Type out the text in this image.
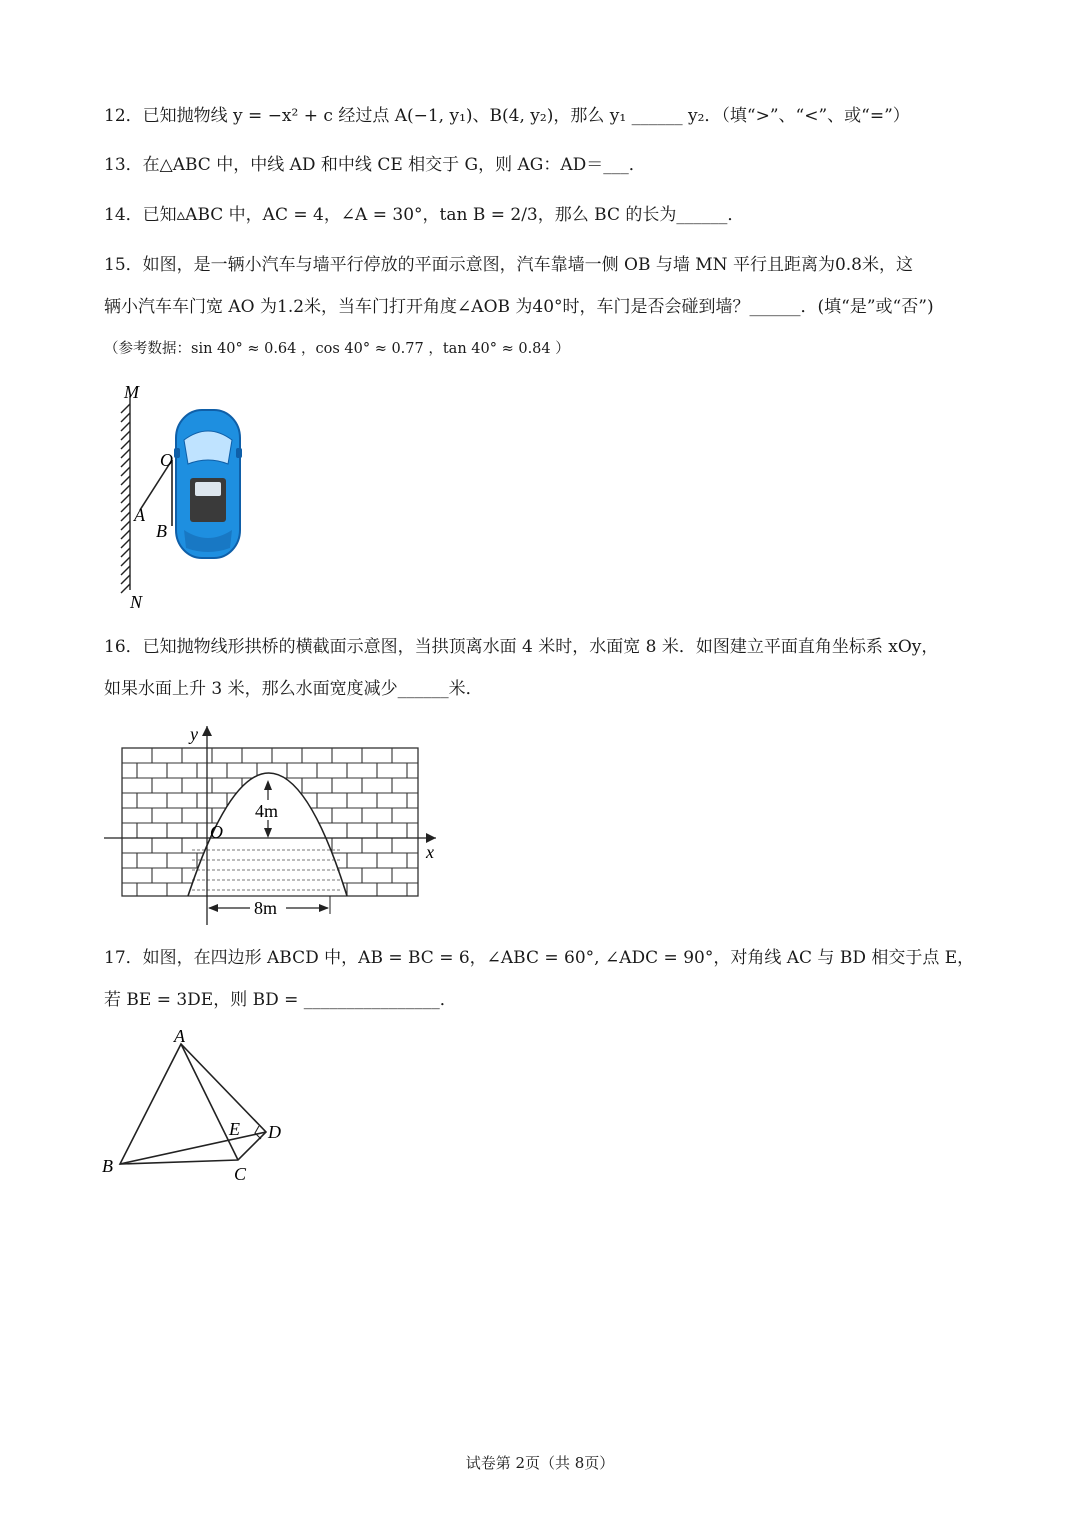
12．已知抛物线 y = −x² + c 经过点 A(−1, y₁)、B(4, y₂)，那么 y₁ ______ y₂．（填“>”、“<”、或“=”）
13．在△ABC 中，中线 AD 和中线 CE 相交于 G，则 AG：AD＝___．
14．已知▵ABC 中，AC = 4，∠A = 30°，tan B = 2/3，那么 BC 的长为______．
15．如图，是一辆小汽车与墙平行停放的平面示意图，汽车靠墙一侧 OB 与墙 MN 平行且距离为0.8米，这
辆小汽车车门宽 AO 为1.2米，当车门打开角度∠AOB 为40°时，车门是否会碰到墙？______．(填“是”或“否”)
（参考数据：sin 40° ≈ 0.64 ，cos 40° ≈ 0.77 ，tan 40° ≈ 0.84 ）
M
N
O
A
B
16．已知抛物线形拱桥的横截面示意图，当拱顶离水面 4 米时，水面宽 8 米．如图建立平面直角坐标系 xOy，
如果水面上升 3 米，那么水面宽度减少______米．
y
x
O
4m
8m
17．如图，在四边形 ABCD 中，AB = BC = 6，∠ABC = 60°, ∠ADC = 90°，对角线 AC 与 BD 相交于点 E，
若 BE = 3DE，则 BD = ________________．
A
B	C
D
E
试卷第 2页（共 8页）
